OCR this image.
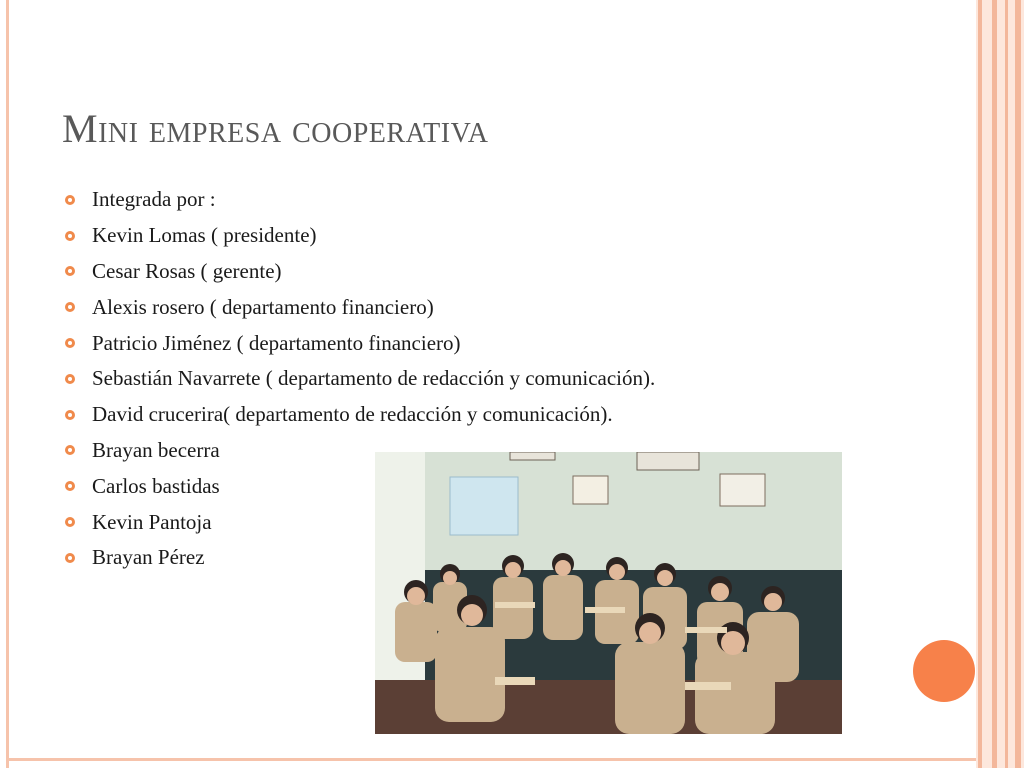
Mini empresa cooperativa
Integrada por :
Kevin Lomas ( presidente)
Cesar Rosas ( gerente)
Alexis rosero ( departamento financiero)
Patricio Jiménez ( departamento financiero)
Sebastián Navarrete ( departamento de redacción y comunicación).
David crucerira( departamento de redacción y comunicación).
Brayan becerra
Carlos bastidas
Kevin Pantoja
Brayan Pérez
